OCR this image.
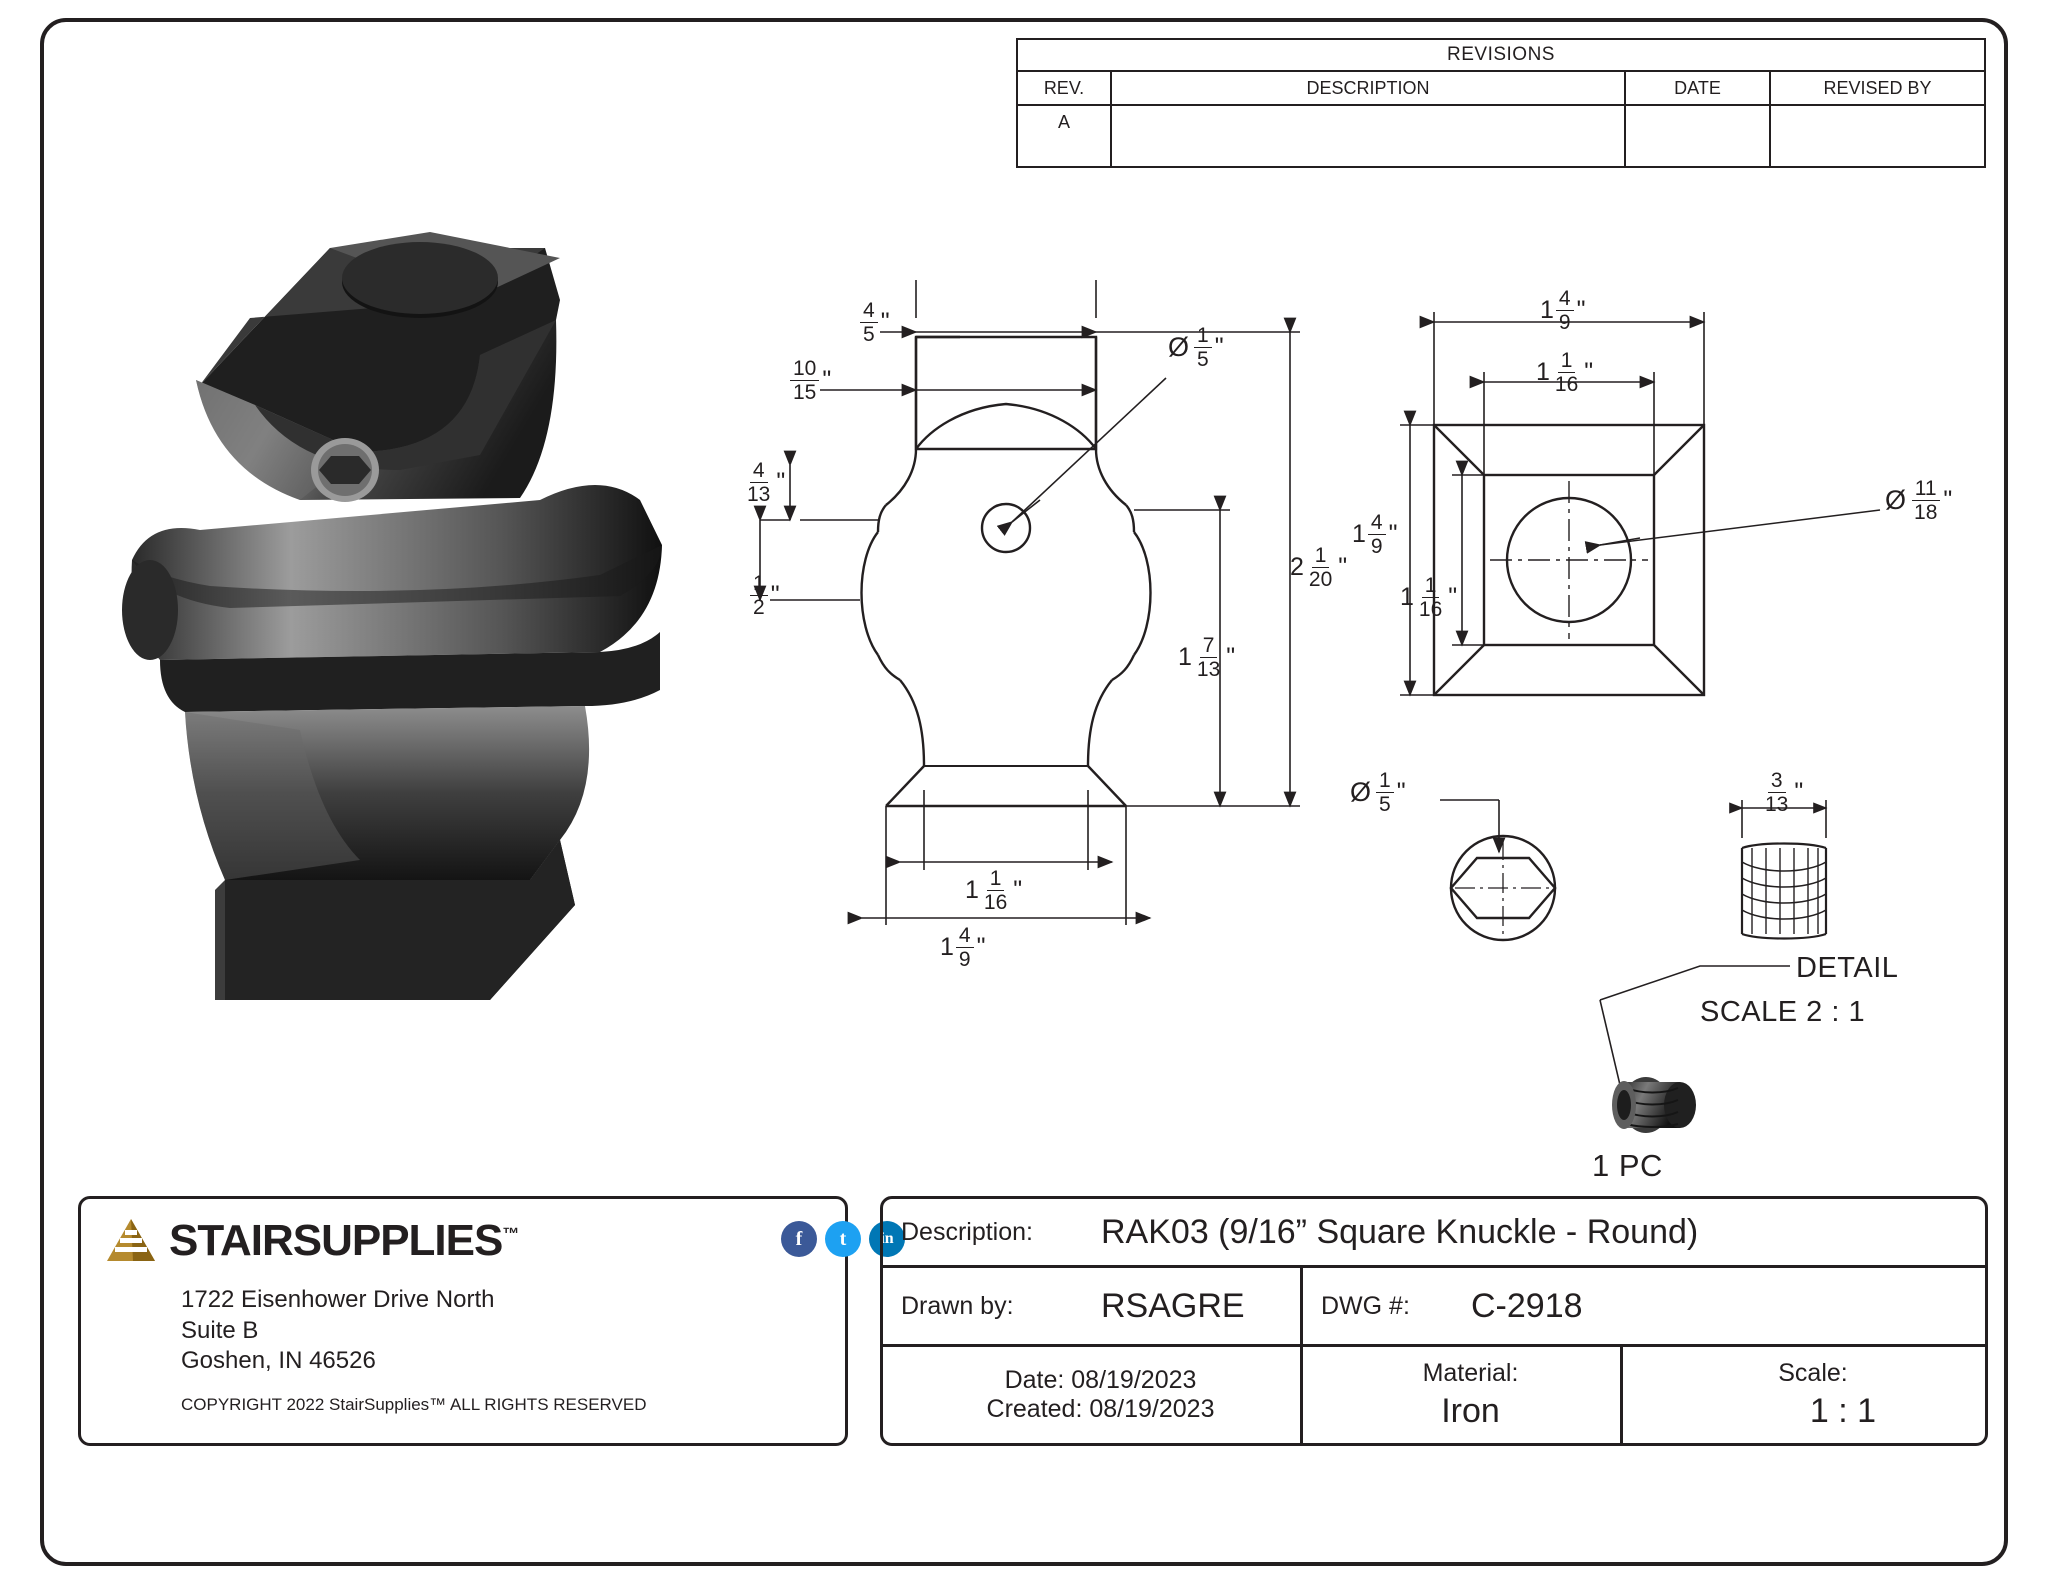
REVISIONS
REV.	DESCRIPTION	DATE	REVISED BY
A
$\frac{4}{5}$ "
$\frac{10}{15}$ "
$\frac{4}{13}$ "
$\frac{1}{2}$ "
$2 \frac{1}{20}$ "
$1 \frac{7}{13}$ "
$1 \frac{1}{16}$ "
$1 \frac{4}{9}$ "
Ø $\frac{1}{5}$ "
$1 \frac{4}{9}$ "
$1 \frac{1}{16}$ "
$1 \frac{4}{9}$ "
$1 \frac{1}{16}$ "
Ø $\frac{11}{18}$ "
Ø $\frac{1}{5}$ "	$\frac{3}{13}$ "
DETAIL
SCALE 2 : 1
1 PC
STAIRSUPPLIES™	f	t	in
1722 Eisenhower Drive North
Suite B
Goshen, IN 46526
COPYRIGHT 2022 StairSupplies™ ALL RIGHTS RESERVED
Description: RAK03 (9/16” Square Knuckle - Round)
Drawn by:	RSAGRE	DWG #: C-2918
Date: 08/19/2023
Created: 08/19/2023
Material:
Iron
Scale:
1 : 1
